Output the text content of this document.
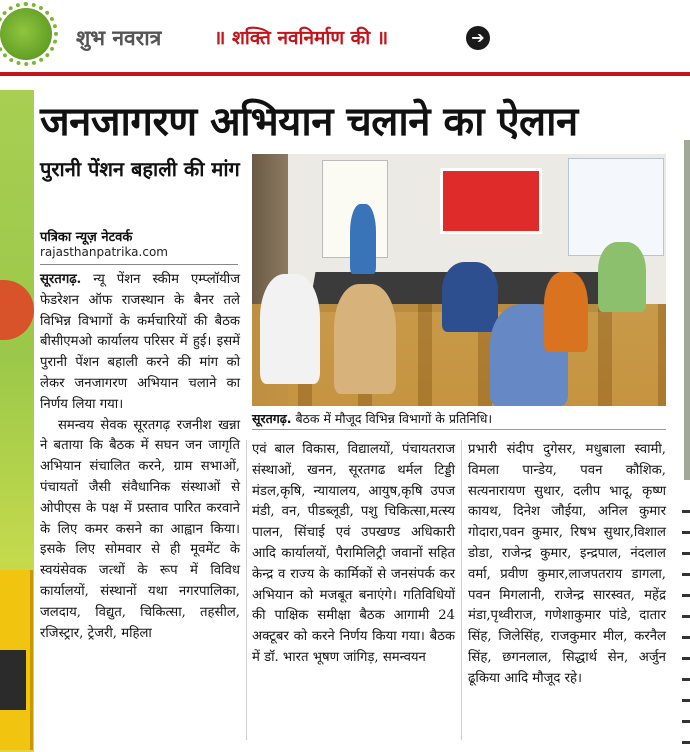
शुभ नवरात्र	॥ शक्ति नवनिर्माण की ॥	➔
जनजागरण अभियान चलाने का ऐलान
पुरानी पेंशन बहाली की मांग
पत्रिका न्यूज़ नेटवर्क
rajasthanpatrika.com
सूरतगढ़. बैठक में मौजूद विभिन्न विभागों के प्रतिनिधि।

सूरतगढ़. न्यू पेंशन स्कीम एम्प्लॉयीज फेडरेशन ऑफ राजस्थान के बैनर तले विभिन्न विभागों के कर्मचारियों की बैठक बीसीएमओ कार्यालय परिसर में हुई। इसमें पुरानी पेंशन बहाली करने की मांग को लेकर जनजागरण अभियान चलाने का निर्णय लिया गया।

समन्वय सेवक सूरतगढ़ रजनीश खन्ना ने बताया कि बैठक में सघन जन जागृति अभियान संचालित करने, ग्राम सभाओं, पंचायतों जैसी संवैधानिक संस्थाओं से ओपीएस के पक्ष में प्रस्ताव पारित करवाने के लिए कमर कसने का आह्वान किया। इसके लिए सोमवार से ही मूवमेंट के स्वयंसेवक जत्थों के रूप में विविध कार्यालयों, संस्थानों यथा नगरपालिका, जलदाय, विद्युत, चिकित्सा, तहसील, रजिस्ट्रार, ट्रेजरी, महिला

एवं बाल विकास, विद्यालयों, पंचायतराज संस्थाओं, खनन, सूरतगढ थर्मल टिड्डी मंडल,कृषि, न्यायालय, आयुष,कृषि उपज मंडी, वन, पीडब्लूडी, पशु चिकित्सा,मत्स्य पालन, सिंचाई एवं उपखण्ड अधिकारी आदि कार्यालयों, पैरामिलिट्री जवानों सहित केन्द्र व राज्य के कार्मिकों से जनसंपर्क कर अभियान को मजबूत बनाएंगे। गतिविधियों की पाक्षिक समीक्षा बैठक आगामी 24 अक्टूबर को करने निर्णय किया गया। बैठक में डॉ. भारत भूषण जांगिड़, समन्वयन

प्रभारी संदीप दुगेसर, मधुबाला स्वामी, विमला पान्डेय, पवन कौशिक, सत्यनारायण सुथार, दलीप भादू, कृष्ण कायथ, दिनेश जौईया, अनिल कुमार गोदारा,पवन कुमार, रिषभ सुथार,विशाल डोडा, राजेन्द्र कुमार, इन्द्रपाल, नंदलाल वर्मा, प्रवीण कुमार,लाजपतराय डागला, पवन मिगलानी, राजेन्द्र सारस्वत, महेंद्र मंडा,पृथ्वीराज, गणेशाकुमार पांडे, दातार सिंह, जिलेसिंह, राजकुमार मील, करनैल सिंह, छगनलाल, सिद्धार्थ सेन, अर्जुन ढूकिया आदि मौजूद रहे।
